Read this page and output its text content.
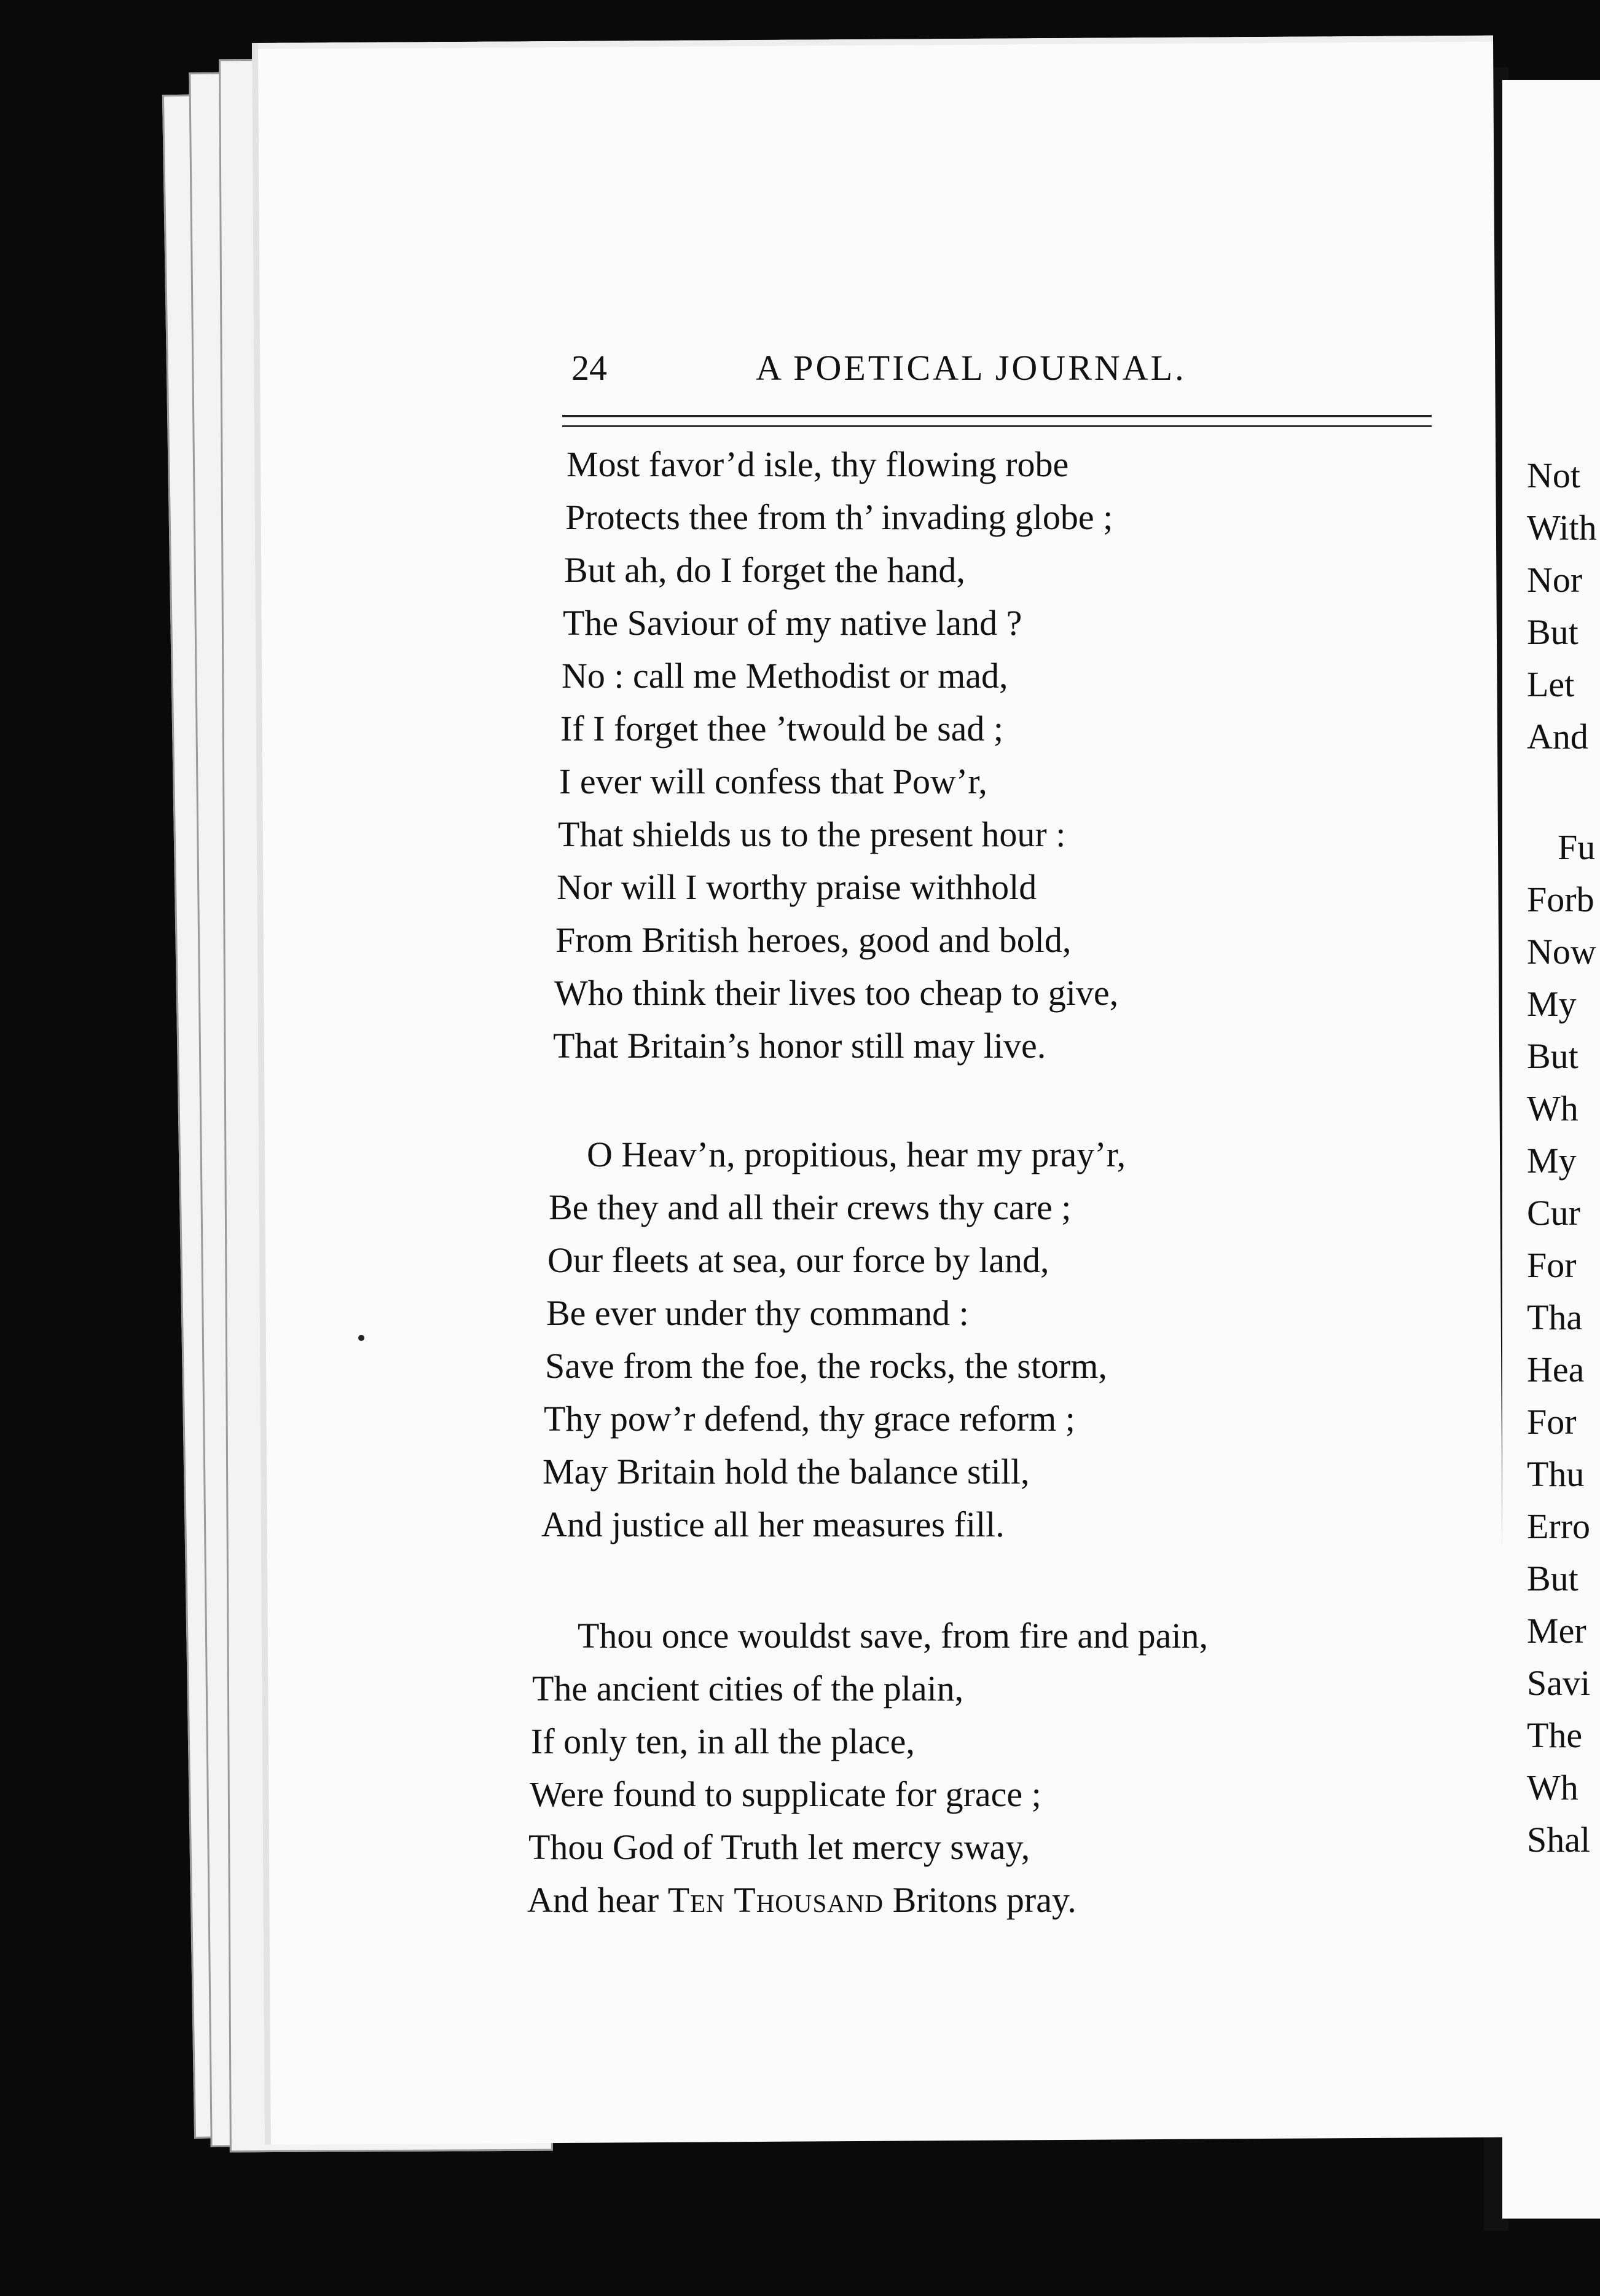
Not
With
Nor
But
Let
And
Fu
Forb
Now
My
But
Wh
My
Cur
For
Tha
Hea
For
Thu
Erro
But
Mer
Savi
The
Wh
Shal
24	A POETICAL JOURNAL.
Most favor’d isle, thy flowing robe
Protects thee from th’ invading globe ;
But ah, do I forget the hand,
The Saviour of my native land ?
No : call me Methodist or mad,
If I forget thee ’twould be sad ;
I ever will confess that Pow’r,
That shields us to the present hour :
Nor will I worthy praise withhold
From British heroes, good and bold,
Who think their lives too cheap to give,
That Britain’s honor still may live.
O Heav’n, propitious, hear my pray’r,
Be they and all their crews thy care ;
Our fleets at sea, our force by land,
Be ever under thy command :
Save from the foe, the rocks, the storm,
Thy pow’r defend, thy grace reform ;
May Britain hold the balance still,
And justice all her measures fill.
Thou once wouldst save, from fire and pain,
The ancient cities of the plain,
If only ten, in all the place,
Were found to supplicate for grace ;
Thou God of Truth let mercy sway,
And hear Ten Thousand Britons pray.
